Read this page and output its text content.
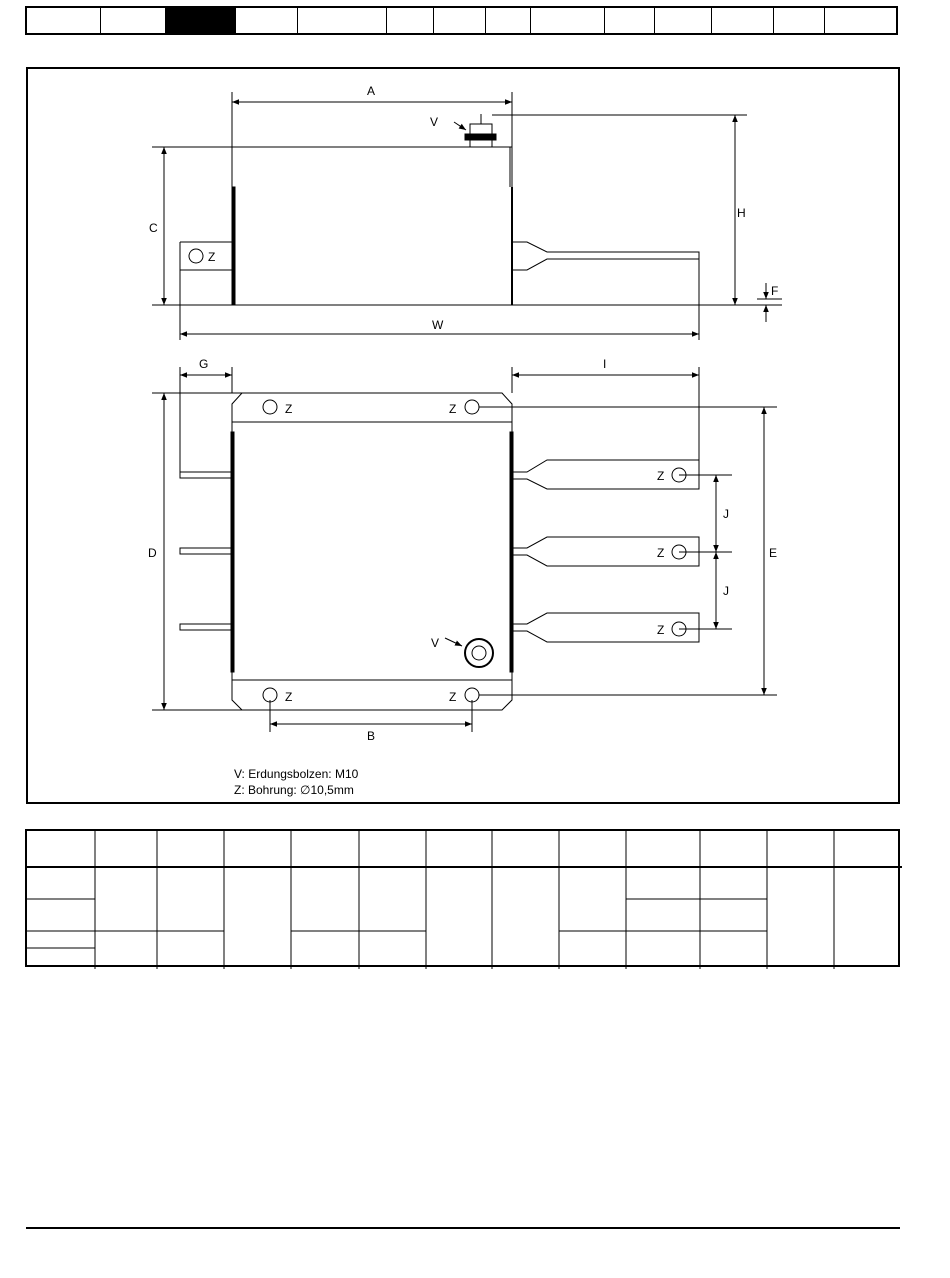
A
C
H
W
F
V
Z
G	I
D	E
J
J
B
V
Z	Z
Z	Z
Z
Z
Z
V: Erdungsbolzen: M10
Z: Bohrung: ∅10,5mm
